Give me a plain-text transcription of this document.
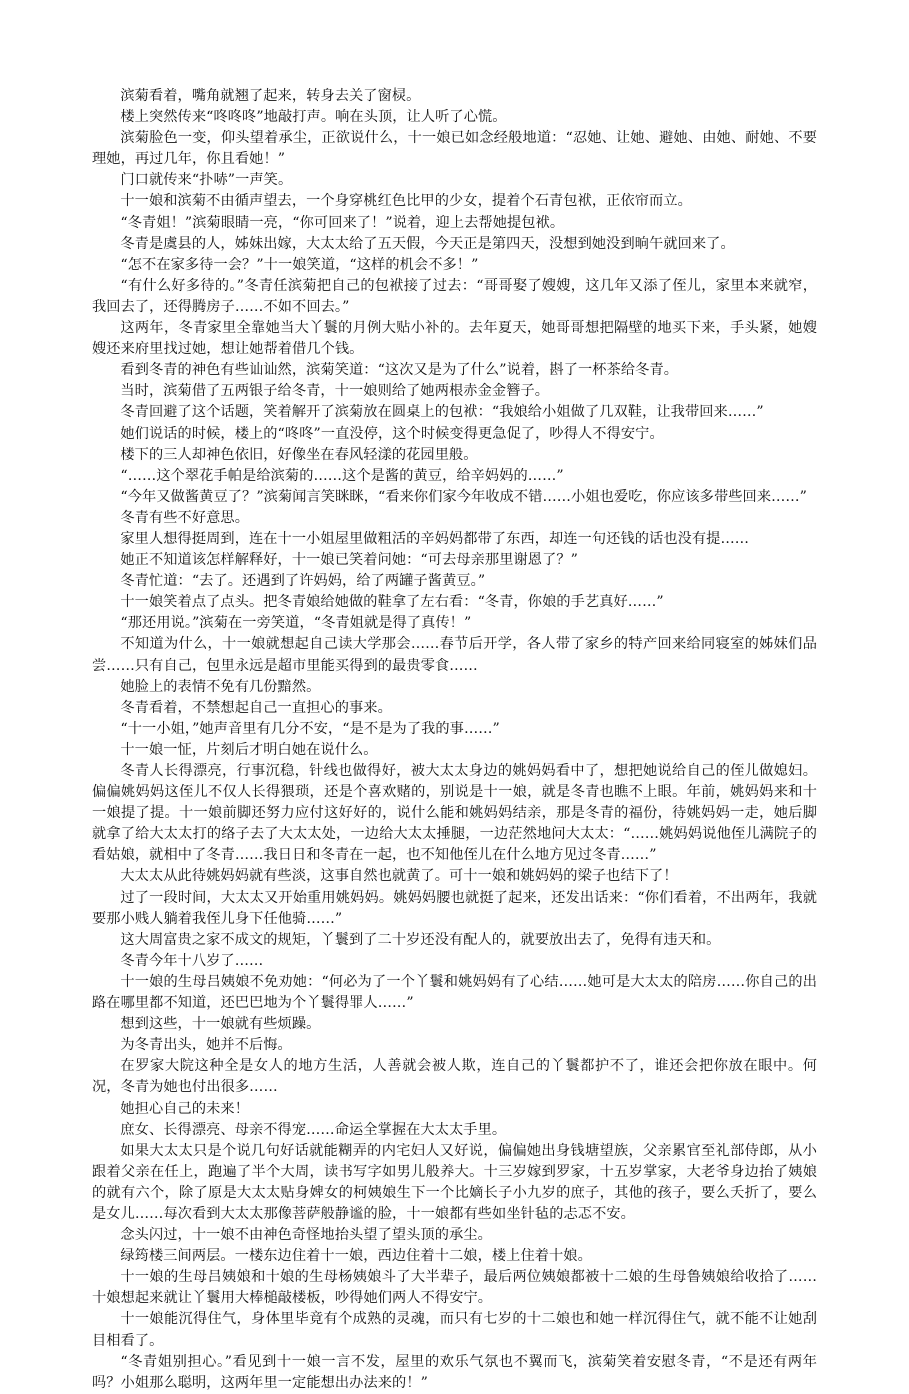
滨菊看着，嘴角就翘了起来，转身去关了窗棂。

楼上突然传来“咚咚咚”地敲打声。响在头顶，让人听了心慌。

滨菊脸色一变，仰头望着承尘，正欲说什么，十一娘已如念经般地道：“忍她、让她、避她、由她、耐她、不要理她，再过几年，你且看她！”

门口就传来“扑哧”一声笑。

十一娘和滨菊不由循声望去，一个身穿桃红色比甲的少女，提着个石青包袱，正依帘而立。

“冬青姐！”滨菊眼睛一亮，“你可回来了！”说着，迎上去帮她提包袱。

冬青是虞县的人，姊妹出嫁，大太太给了五天假，今天正是第四天，没想到她没到晌午就回来了。

“怎不在家多待一会？”十一娘笑道，“这样的机会不多！”

“有什么好多待的。”冬青任滨菊把自己的包袱接了过去：“哥哥娶了嫂嫂，这几年又添了侄儿，家里本来就窄，我回去了，还得腾房子……不如不回去。”

这两年，冬青家里全靠她当大丫鬟的月例大贴小补的。去年夏天，她哥哥想把隔壁的地买下来，手头紧，她嫂嫂还来府里找过她，想让她帮着借几个钱。

看到冬青的神色有些讪讪然，滨菊笑道：“这次又是为了什么”说着，斟了一杯茶给冬青。

当时，滨菊借了五两银子给冬青，十一娘则给了她两根赤金金簪子。

冬青回避了这个话题，笑着解开了滨菊放在圆桌上的包袱：“我娘给小姐做了几双鞋，让我带回来……”

她们说话的时候，楼上的“咚咚”一直没停，这个时候变得更急促了，吵得人不得安宁。

楼下的三人却神色依旧，好像坐在春风轻漾的花园里般。

“……这个翠花手帕是给滨菊的……这个是酱的黄豆，给辛妈妈的……”

“今年又做酱黄豆了？”滨菊闻言笑眯眯，“看来你们家今年收成不错……小姐也爱吃，你应该多带些回来……”

冬青有些不好意思。

家里人想得挺周到，连在十一小姐屋里做粗活的辛妈妈都带了东西，却连一句还钱的话也没有提……

她正不知道该怎样解释好，十一娘已笑着问她：“可去母亲那里谢恩了？”

冬青忙道：“去了。还遇到了许妈妈，给了两罐子酱黄豆。”

十一娘笑着点了点头。把冬青娘给她做的鞋拿了左右看：“冬青，你娘的手艺真好……”

“那还用说。”滨菊在一旁笑道，“冬青姐就是得了真传！”

不知道为什么，十一娘就想起自己读大学那会……春节后开学，各人带了家乡的特产回来给同寝室的姊妹们品尝……只有自己，包里永远是超市里能买得到的最贵零食……

她脸上的表情不免有几份黯然。

冬青看着，不禁想起自己一直担心的事来。

“十一小姐，”她声音里有几分不安，“是不是为了我的事……”

十一娘一怔，片刻后才明白她在说什么。

冬青人长得漂亮，行事沉稳，针线也做得好，被大太太身边的姚妈妈看中了，想把她说给自己的侄儿做媳妇。偏偏姚妈妈这侄儿不仅人长得猥琐，还是个喜欢赌的，别说是十一娘，就是冬青也瞧不上眼。年前，姚妈妈来和十一娘提了提。十一娘前脚还努力应付这好好的，说什么能和姚妈妈结亲，那是冬青的福份，待姚妈妈一走，她后脚就拿了给大太太打的络子去了大太太处，一边给大太太捶腿，一边茫然地问大太太：“……姚妈妈说他侄儿满院子的看姑娘，就相中了冬青……我日日和冬青在一起，也不知他侄儿在什么地方见过冬青……”

大太太从此待姚妈妈就有些淡，这事自然也就黄了。可十一娘和姚妈妈的梁子也结下了！

过了一段时间，大太太又开始重用姚妈妈。姚妈妈腰也就挺了起来，还发出话来：“你们看着，不出两年，我就要那小贱人躺着我侄儿身下任他骑……”

这大周富贵之家不成文的规矩，丫鬟到了二十岁还没有配人的，就要放出去了，免得有违天和。

冬青今年十八岁了……

十一娘的生母吕姨娘不免劝她：“何必为了一个丫鬟和姚妈妈有了心结……她可是大太太的陪房……你自己的出路在哪里都不知道，还巴巴地为个丫鬟得罪人……”

想到这些，十一娘就有些烦躁。

为冬青出头，她并不后悔。

在罗家大院这种全是女人的地方生活，人善就会被人欺，连自己的丫鬟都护不了，谁还会把你放在眼中。何况，冬青为她也付出很多……

她担心自己的未来！

庶女、长得漂亮、母亲不得宠……命运全掌握在大太太手里。

如果大太太只是个说几句好话就能糊弄的内宅妇人又好说，偏偏她出身钱塘望族，父亲累官至礼部侍郎，从小跟着父亲在任上，跑遍了半个大周，读书写字如男儿般养大。十三岁嫁到罗家，十五岁掌家，大老爷身边抬了姨娘的就有六个，除了原是大太太贴身婢女的柯姨娘生下一个比嫡长子小九岁的庶子，其他的孩子，要么夭折了，要么是女儿……每次看到大太太那像菩萨般静谧的脸，十一娘都有些如坐针毡的忐忑不安。

念头闪过，十一娘不由神色奇怪地抬头望了望头顶的承尘。

绿筠楼三间两层。一楼东边住着十一娘，西边住着十二娘，楼上住着十娘。

十一娘的生母吕姨娘和十娘的生母杨姨娘斗了大半辈子，最后两位姨娘都被十二娘的生母鲁姨娘给收拾了……十娘想起来就让丫鬟用大棒槌敲楼板，吵得她们两人不得安宁。

十一娘能沉得住气，身体里毕竟有个成熟的灵魂，而只有七岁的十二娘也和她一样沉得住气，就不能不让她刮目相看了。

“冬青姐别担心。”看见到十一娘一言不发，屋里的欢乐气氛也不翼而飞，滨菊笑着安慰冬青，“不是还有两年吗？小姐那么聪明，这两年里一定能想出办法来的！”
